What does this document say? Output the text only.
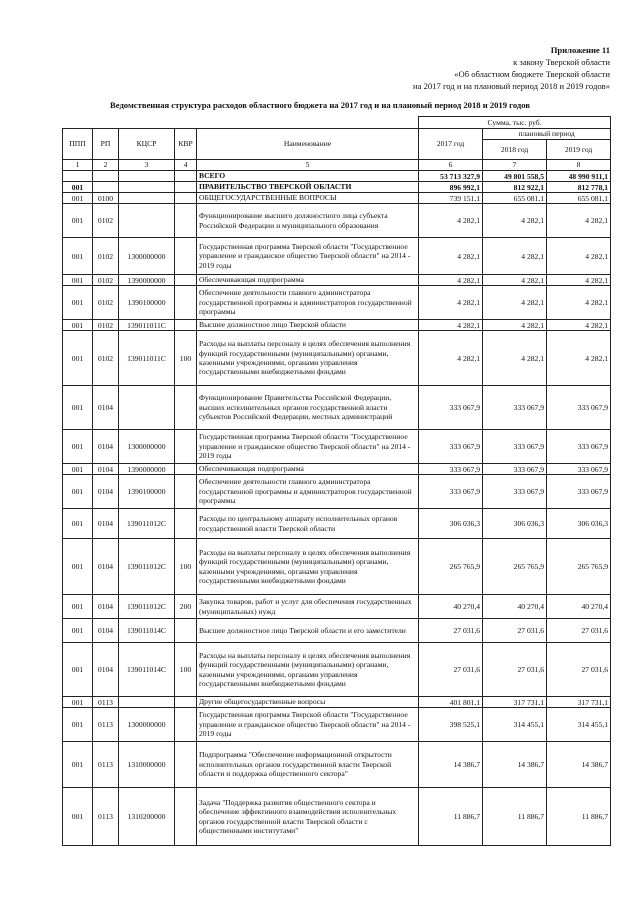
Приложение 11
к закону Тверской области
«Об областном бюджете Тверской области
на 2017 год и на плановый период 2018 и 2019 годов»
Ведомственная структура расходов областного бюджета на 2017 год и на плановый период 2018 и 2019 годов
					Сумма, тыс. руб.		
ППП	РП	КЦСР	КВР	Наименование	2017 год	плановый период	
						2018 год	2019 год

1	2	3	4	5	6	7	8
				ВСЕГО	53 713 327,9	49 801 558,5	48 990 911,1
001				ПРАВИТЕЛЬСТВО ТВЕРСКОЙ ОБЛАСТИ	896 992,1	812 922,1	812 778,1
001	0100			ОБЩЕГОСУДАРСТВЕННЫЕ ВОПРОСЫ	739 151,1	655 081,1	655 081,1
001	0102			Функционирование высшего должностного лица субъекта Российской Федерации и муниципального образования	4 282,1	4 282,1	4 282,1
001	0102	1300000000		Государственная программа Тверской области "Государственное управление и гражданское общество Тверской области" на 2014 - 2019 годы	4 282,1	4 282,1	4 282,1
001	0102	1390000000		Обеспечивающая подпрограмма	4 282,1	4 282,1	4 282,1
001	0102	1390100000		Обеспечение деятельности главного администратора государственной программы и администраторов государственной программы	4 282,1	4 282,1	4 282,1
001	0102	139011011С		Высшее должностное лицо Тверской области	4 282,1	4 282,1	4 282,1
001	0102	139011011С	100	Расходы на выплаты персоналу в целях обеспечения выполнения функций государственными (муниципальными) органами, казенными учреждениями, органами управления государственными внебюджетными фондами	4 282,1	4 282,1	4 282,1
001	0104			Функционирование Правительства Российской Федерации, высших исполнительных органов государственной власти субъектов Российской Федерации, местных администраций	333 067,9	333 067,9	333 067,9
001	0104	1300000000		Государственная программа Тверской области "Государственное управление и гражданское общество Тверской области" на 2014 - 2019 годы	333 067,9	333 067,9	333 067,9
001	0104	1390000000		Обеспечивающая подпрограмма	333 067,9	333 067,9	333 067,9
001	0104	1390100000		Обеспечение деятельности главного администратора государственной программы и администраторов государственной программы	333 067,9	333 067,9	333 067,9
001	0104	139011012С		Расходы по центральному аппарату исполнительных органов государственной власти Тверской области	306 036,3	306 036,3	306 036,3
001	0104	139011012С	100	Расходы на выплаты персоналу в целях обеспечения выполнения функций государственными (муниципальными) органами, казенными учреждениями, органами управления государственными внебюджетными фондами	265 765,9	265 765,9	265 765,9
001	0104	139011012С	200	Закупка товаров, работ и услуг для обеспечения государственных (муниципальных) нужд	40 270,4	40 270,4	40 270,4
001	0104	139011014С		Высшее должностное лицо Тверской области и его заместители	27 031,6	27 031,6	27 031,6
001	0104	139011014С	100	Расходы на выплаты персоналу в целях обеспечения выполнения функций государственными (муниципальными) органами, казенными учреждениями, органами управления государственными внебюджетными фондами	27 031,6	27 031,6	27 031,6
001	0113			Другие общегосударственные вопросы	401 801,1	317 731,1	317 731,1
001	0113	1300000000		Государственная программа Тверской области "Государственное управление и гражданское общество Тверской области" на 2014 - 2019 годы	398 525,1	314 455,1	314 455,1
001	0113	1310000000		Подпрограмма "Обеспечение информационной открытости исполнительных органов государственной власти Тверской области и поддержка общественного сектора"	14 386,7	14 386,7	14 386,7
001	0113	1310200000		Задача "Поддержка развития общественного сектора и обеспечение эффективного взаимодействия исполнительных органов государственной власти Тверской области с общественными институтами"	11 886,7	11 886,7	11 886,7
